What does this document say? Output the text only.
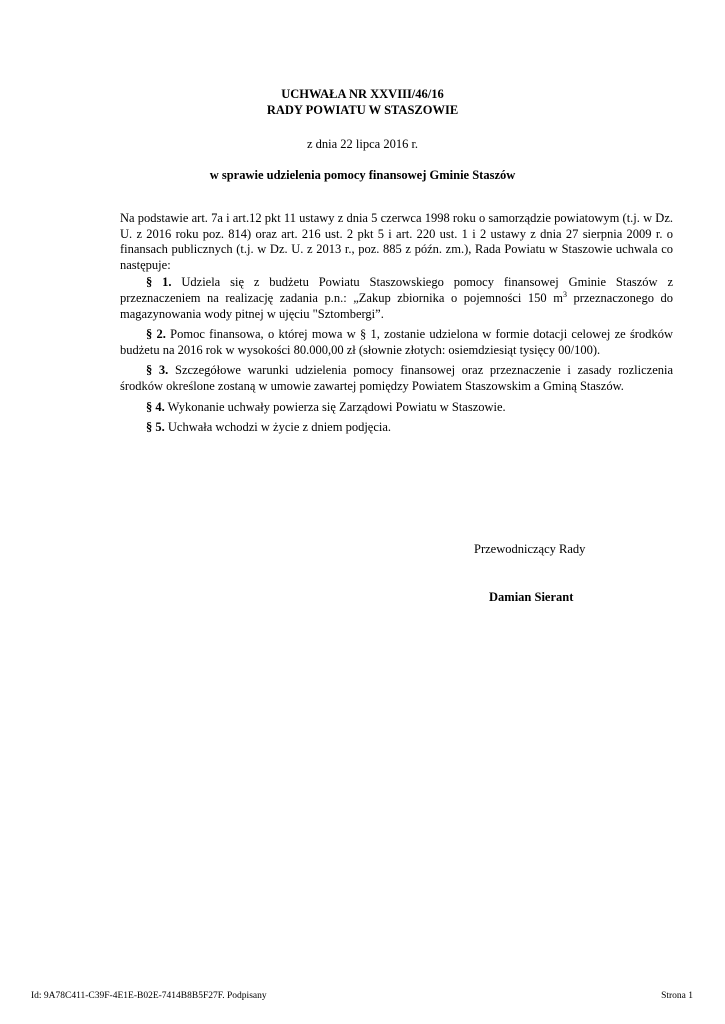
UCHWAŁA NR XXVIII/46/16
RADY POWIATU W STASZOWIE
z dnia 22 lipca 2016 r.
w sprawie udzielenia pomocy finansowej Gminie Staszów

Na podstawie art. 7a i art.12 pkt 11 ustawy z dnia 5 czerwca 1998 roku o samorządzie powiatowym (t.j. w Dz. U. z 2016 roku poz. 814) oraz art. 216 ust. 2 pkt 5 i art. 220 ust. 1 i 2 ustawy z dnia 27 sierpnia 2009 r. o finansach publicznych (t.j. w Dz. U. z 2013 r., poz. 885 z późn. zm.), Rada Powiatu w Staszowie uchwala co następuje:

§ 1. Udziela się z budżetu Powiatu Staszowskiego pomocy finansowej Gminie Staszów z przeznaczeniem na realizację zadania p.n.: „Zakup zbiornika o pojemności 150 $m^3$ przeznaczonego do magazynowania wody pitnej w ujęciu "Sztombergi”.

§ 2. Pomoc finansowa, o której mowa w § 1, zostanie udzielona w formie dotacji celowej ze środków budżetu na 2016 rok w wysokości 80.000,00 zł (słownie złotych: osiemdziesiąt tysięcy 00/100).

§ 3. Szczegółowe warunki udzielenia pomocy finansowej oraz przeznaczenie i zasady rozliczenia środków określone zostaną w umowie zawartej pomiędzy Powiatem Staszowskim a Gminą Staszów.

§ 4. Wykonanie uchwały powierza się Zarządowi Powiatu w Staszowie.

§ 5. Uchwała wchodzi w życie z dniem podjęcia.

Przewodniczący Rady
Damian Sierant
Id: 9A78C411-C39F-4E1E-B02E-7414B8B5F27F. Podpisany	Strona 1
